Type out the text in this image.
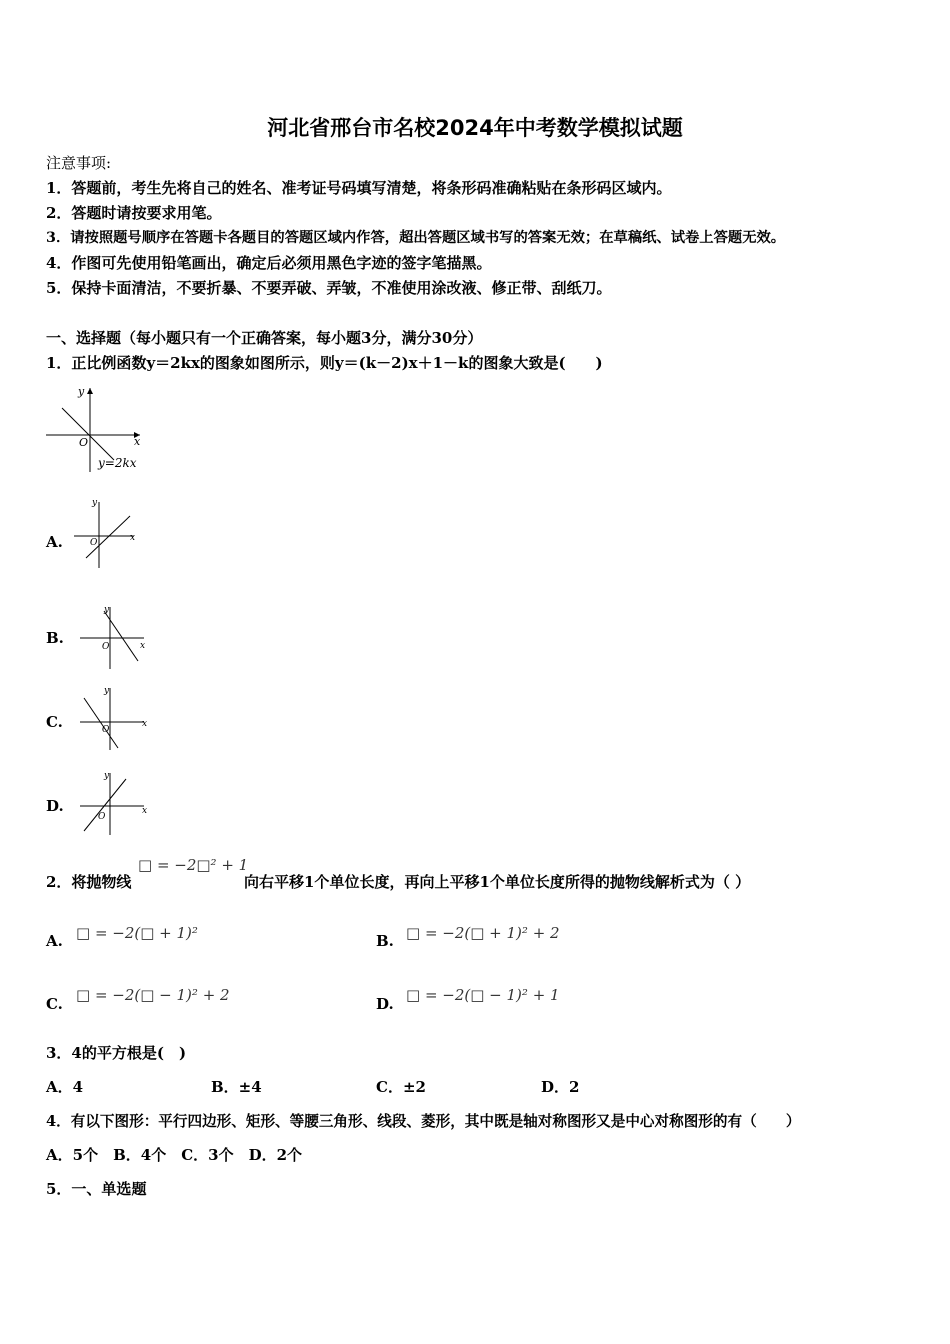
河北省邢台市名校2024年中考数学模拟试题
注意事项:
1．答题前，考生先将自己的姓名、准考证号码填写清楚，将条形码准确粘贴在条形码区域内。
2．答题时请按要求用笔。
3．请按照题号顺序在答题卡各题目的答题区域内作答，超出答题区域书写的答案无效；在草稿纸、试卷上答题无效。
4．作图可先使用铅笔画出，确定后必须用黑色字迹的签字笔描黑。
5．保持卡面清洁，不要折暴、不要弄破、弄皱，不准使用涂改液、修正带、刮纸刀。
一、选择题（每小题只有一个正确答案，每小题3分，满分30分）
1．正比例函数y＝2kx的图象如图所示，则y＝(k－2)x＋1－k的图象大致是(　　)
y
x
O
y=2kx
A.
y
x
O
B.
y
x
O
C.
y
x
O
D.
y
x
O
2．将抛物线
□ = −2□² + 1
向右平移1个单位长度，再向上平移1个单位长度所得的抛物线解析式为（ ）
A. □ = −2(□ + 1)²	B. □ = −2(□ + 1)² + 2
C. □ = −2(□ − 1)² + 2	D. □ = −2(□ − 1)² + 1
3．4的平方根是(　)
A．4	B．±4	C．±2	D．2
4．有以下图形：平行四边形、矩形、等腰三角形、线段、菱形，其中既是轴对称图形又是中心对称图形的有（　　）
A．5个　B．4个　C．3个　D．2个
5．一、单选题
